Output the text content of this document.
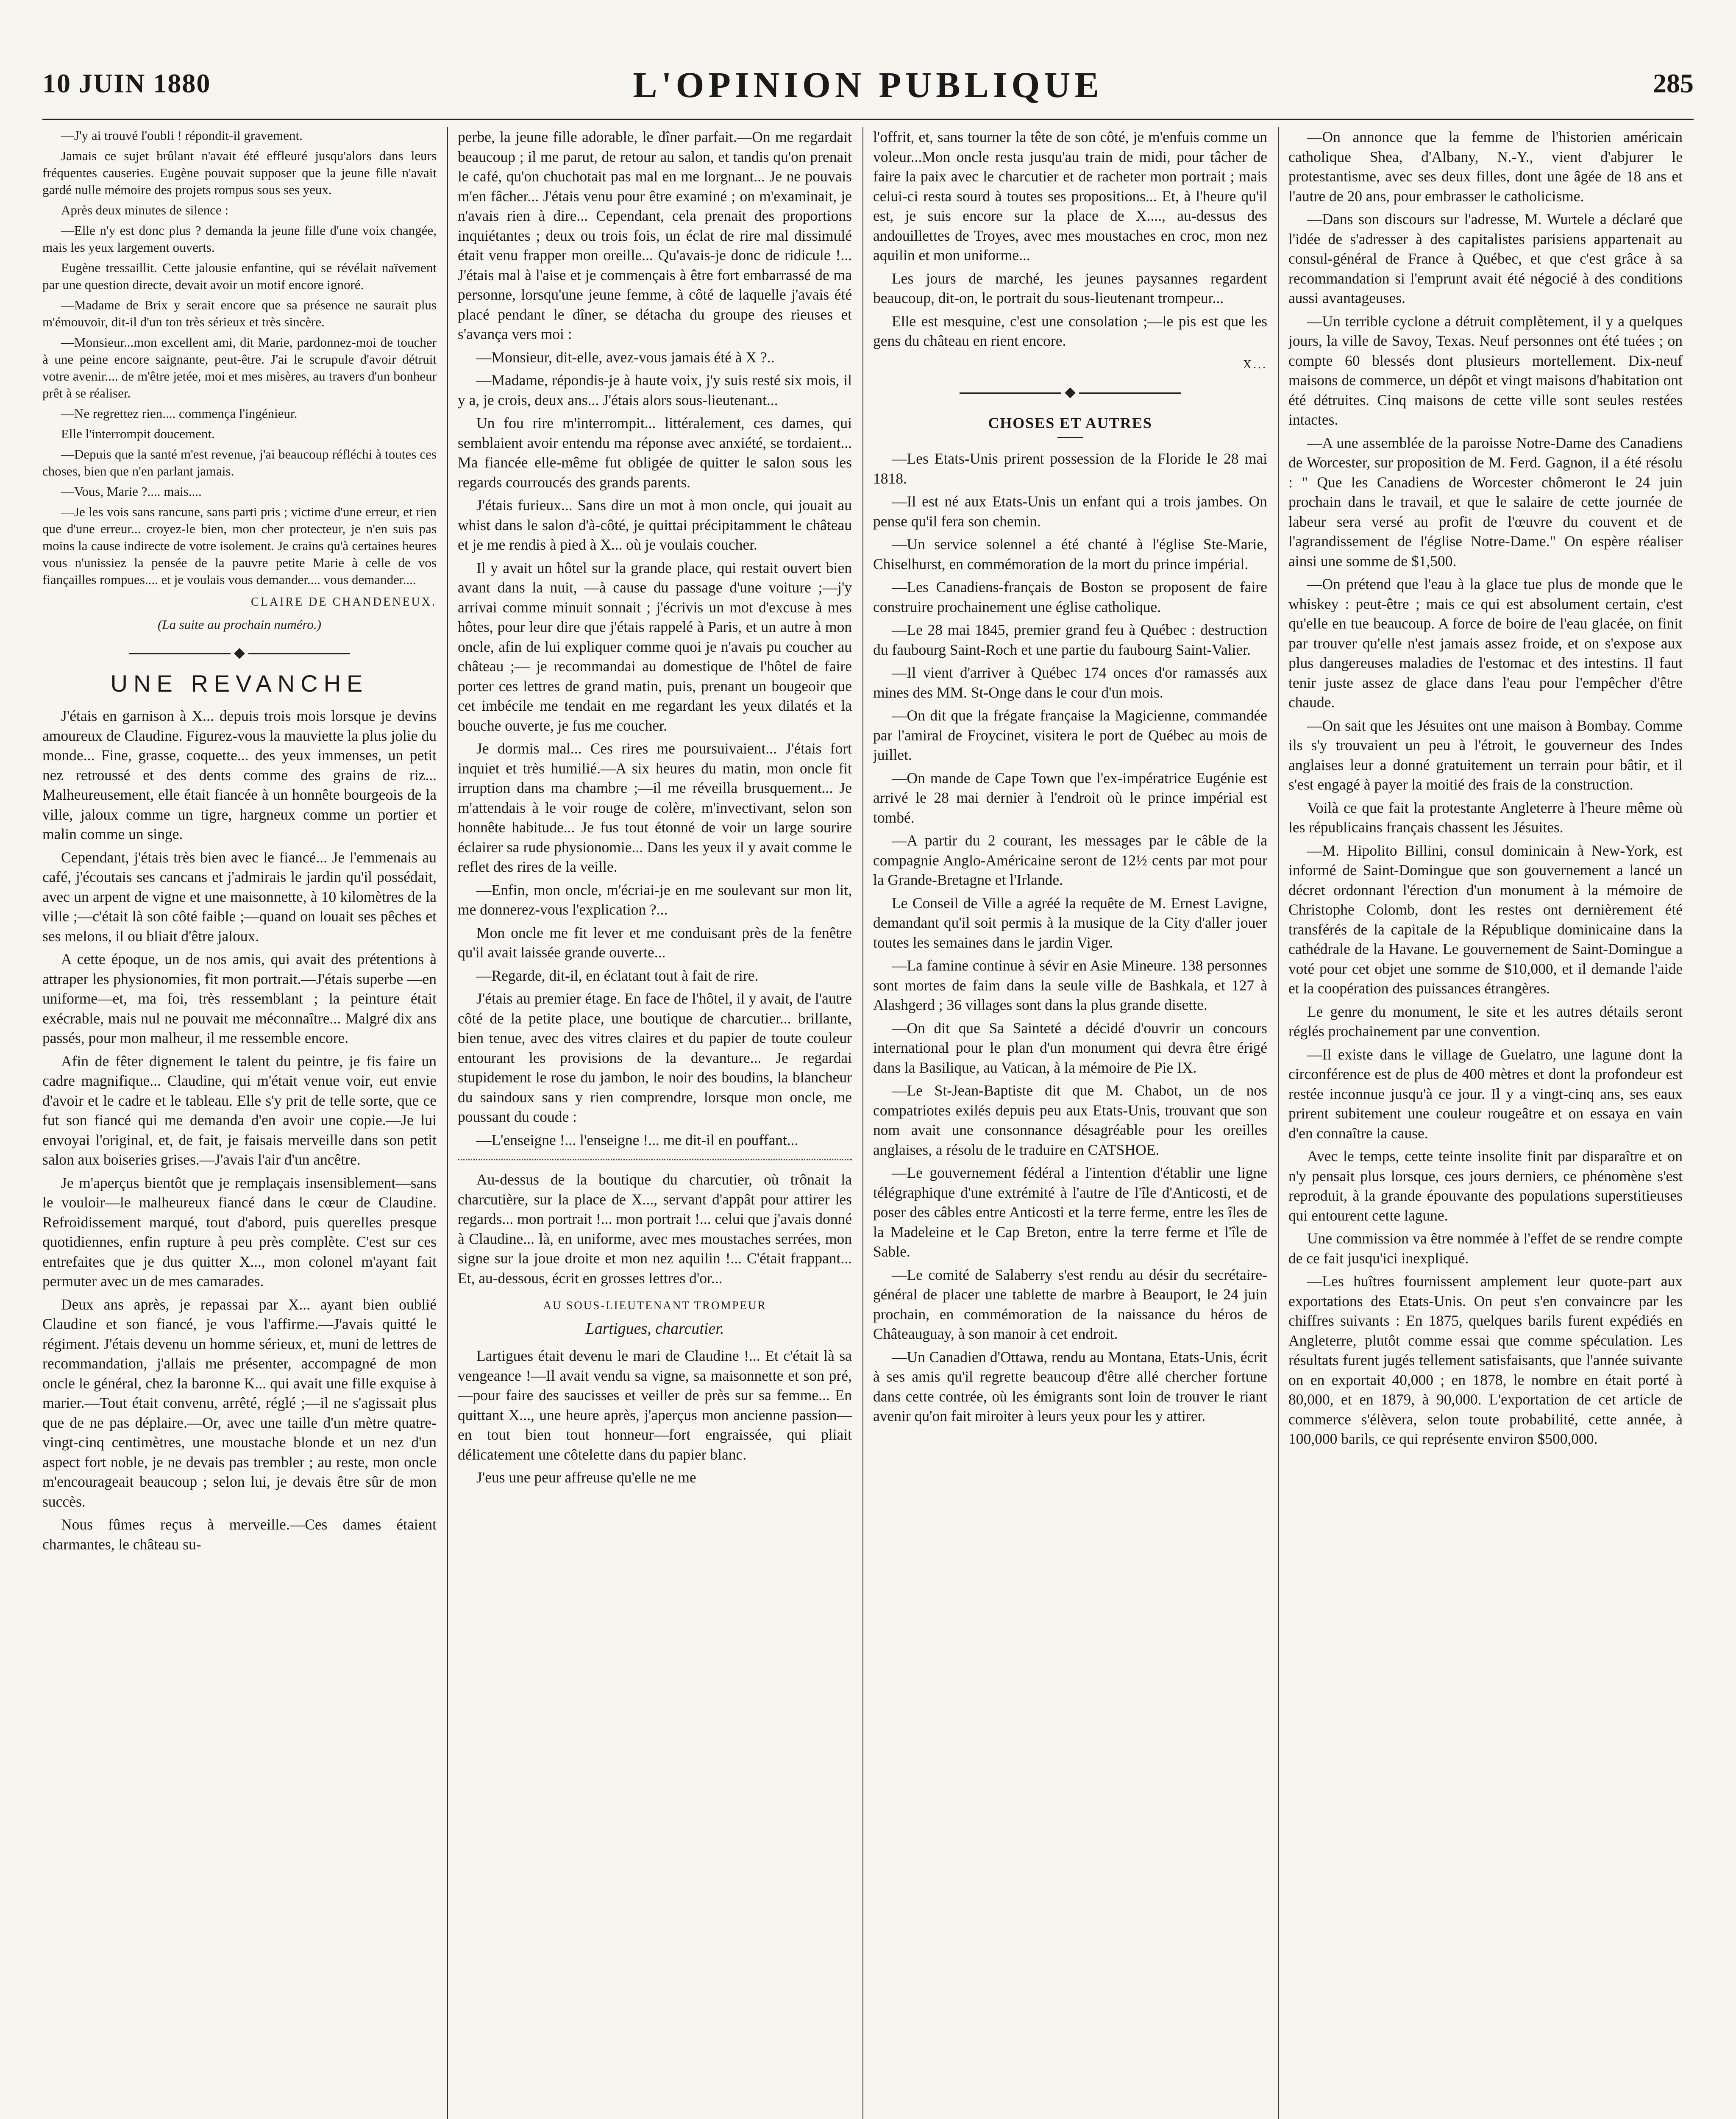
10 JUIN 1880	L'OPINION PUBLIQUE	285

—J'y ai trouvé l'oubli ! répondit-il gravement.

Jamais ce sujet brûlant n'avait été effleuré jusqu'alors dans leurs fréquentes causeries. Eugène pouvait supposer que la jeune fille n'avait gardé nulle mémoire des projets rompus sous ses yeux.

Après deux minutes de silence :

—Elle n'y est donc plus ? demanda la jeune fille d'une voix changée, mais les yeux largement ouverts.

Eugène tressaillit. Cette jalousie enfantine, qui se révélait naïvement par une question directe, devait avoir un motif encore ignoré.

—Madame de Brix y serait encore que sa présence ne saurait plus m'émouvoir, dit-il d'un ton très sérieux et très sincère.

—Monsieur...mon excellent ami, dit Marie, pardonnez-moi de toucher à une peine encore saignante, peut-être. J'ai le scrupule d'avoir détruit votre avenir.... de m'être jetée, moi et mes misères, au travers d'un bonheur prêt à se réaliser.

—Ne regrettez rien.... commença l'ingénieur.

Elle l'interrompit doucement.

—Depuis que la santé m'est revenue, j'ai beaucoup réfléchi à toutes ces choses, bien que n'en parlant jamais.

—Vous, Marie ?.... mais....

—Je les vois sans rancune, sans parti pris ; victime d'une erreur, et rien que d'une erreur... croyez-le bien, mon cher protecteur, je n'en suis pas moins la cause indirecte de votre isolement. Je crains qu'à certaines heures vous n'unissiez la pensée de la pauvre petite Marie à celle de vos fiançailles rompues.... et je voulais vous demander.... vous demander....

CLAIRE DE CHANDENEUX.

(La suite au prochain numéro.)

UNE REVANCHE

J'étais en garnison à X... depuis trois mois lorsque je devins amoureux de Claudine. Figurez-vous la mauviette la plus jolie du monde... Fine, grasse, coquette... des yeux immenses, un petit nez retroussé et des dents comme des grains de riz... Malheureusement, elle était fiancée à un honnête bourgeois de la ville, jaloux comme un tigre, hargneux comme un portier et malin comme un singe.

Cependant, j'étais très bien avec le fiancé... Je l'emmenais au café, j'écoutais ses cancans et j'admirais le jardin qu'il possédait, avec un arpent de vigne et une maisonnette, à 10 kilomètres de la ville ;—c'était là son côté faible ;—quand on louait ses pêches et ses melons, il ou bliait d'être jaloux.

A cette époque, un de nos amis, qui avait des prétentions à attraper les physionomies, fit mon portrait.—J'étais superbe —en uniforme—et, ma foi, très ressemblant ; la peinture était exécrable, mais nul ne pouvait me méconnaître... Malgré dix ans passés, pour mon malheur, il me ressemble encore.

Afin de fêter dignement le talent du peintre, je fis faire un cadre magnifique... Claudine, qui m'était venue voir, eut envie d'avoir et le cadre et le tableau. Elle s'y prit de telle sorte, que ce fut son fiancé qui me demanda d'en avoir une copie.—Je lui envoyai l'original, et, de fait, je faisais merveille dans son petit salon aux boiseries grises.—J'avais l'air d'un ancêtre.

Je m'aperçus bientôt que je remplaçais insensiblement—sans le vouloir—le malheureux fiancé dans le cœur de Claudine. Refroidissement marqué, tout d'abord, puis querelles presque quotidiennes, enfin rupture à peu près complète. C'est sur ces entrefaites que je dus quitter X..., mon colonel m'ayant fait permuter avec un de mes camarades.

Deux ans après, je repassai par X... ayant bien oublié Claudine et son fiancé, je vous l'affirme.—J'avais quitté le régiment. J'étais devenu un homme sérieux, et, muni de lettres de recommandation, j'allais me présenter, accompagné de mon oncle le général, chez la baronne K... qui avait une fille exquise à marier.—Tout était convenu, arrêté, réglé ;—il ne s'agissait plus que de ne pas déplaire.—Or, avec une taille d'un mètre quatre-vingt-cinq centimètres, une moustache blonde et un nez d'un aspect fort noble, je ne devais pas trembler ; au reste, mon oncle m'encourageait beaucoup ; selon lui, je devais être sûr de mon succès.

Nous fûmes reçus à merveille.—Ces dames étaient charmantes, le château su-

perbe, la jeune fille adorable, le dîner parfait.—On me regardait beaucoup ; il me parut, de retour au salon, et tandis qu'on prenait le café, qu'on chuchotait pas mal en me lorgnant... Je ne pouvais m'en fâcher... J'étais venu pour être examiné ; on m'examinait, je n'avais rien à dire... Cependant, cela prenait des proportions inquiétantes ; deux ou trois fois, un éclat de rire mal dissimulé était venu frapper mon oreille... Qu'avais-je donc de ridicule !... J'étais mal à l'aise et je commençais à être fort embarrassé de ma personne, lorsqu'une jeune femme, à côté de laquelle j'avais été placé pendant le dîner, se détacha du groupe des rieuses et s'avança vers moi :

—Monsieur, dit-elle, avez-vous jamais été à X ?..

—Madame, répondis-je à haute voix, j'y suis resté six mois, il y a, je crois, deux ans... J'étais alors sous-lieutenant...

Un fou rire m'interrompit... littéralement, ces dames, qui semblaient avoir entendu ma réponse avec anxiété, se tordaient... Ma fiancée elle-même fut obligée de quitter le salon sous les regards courroucés des grands parents.

J'étais furieux... Sans dire un mot à mon oncle, qui jouait au whist dans le salon d'à-côté, je quittai précipitamment le château et je me rendis à pied à X... où je voulais coucher.

Il y avait un hôtel sur la grande place, qui restait ouvert bien avant dans la nuit, —à cause du passage d'une voiture ;—j'y arrivai comme minuit sonnait ; j'écrivis un mot d'excuse à mes hôtes, pour leur dire que j'étais rappelé à Paris, et un autre à mon oncle, afin de lui expliquer comme quoi je n'avais pu coucher au château ;— je recommandai au domestique de l'hôtel de faire porter ces lettres de grand matin, puis, prenant un bougeoir que cet imbécile me tendait en me regardant les yeux dilatés et la bouche ouverte, je fus me coucher.

Je dormis mal... Ces rires me poursuivaient... J'étais fort inquiet et très humilié.—A six heures du matin, mon oncle fit irruption dans ma chambre ;—il me réveilla brusquement... Je m'attendais à le voir rouge de colère, m'invectivant, selon son honnête habitude... Je fus tout étonné de voir un large sourire éclairer sa rude physionomie... Dans les yeux il y avait comme le reflet des rires de la veille.

—Enfin, mon oncle, m'écriai-je en me soulevant sur mon lit, me donnerez-vous l'explication ?...

Mon oncle me fit lever et me conduisant près de la fenêtre qu'il avait laissée grande ouverte...

—Regarde, dit-il, en éclatant tout à fait de rire.

J'étais au premier étage. En face de l'hôtel, il y avait, de l'autre côté de la petite place, une boutique de charcutier... brillante, bien tenue, avec des vitres claires et du papier de toute couleur entourant les provisions de la devanture... Je regardai stupidement le rose du jambon, le noir des boudins, la blancheur du saindoux sans y rien comprendre, lorsque mon oncle, me poussant du coude :

—L'enseigne !... l'enseigne !... me dit-il en pouffant...

Au-dessus de la boutique du charcutier, où trônait la charcutière, sur la place de X..., servant d'appât pour attirer les regards... mon portrait !... mon portrait !... celui que j'avais donné à Claudine... là, en uniforme, avec mes moustaches serrées, mon signe sur la joue droite et mon nez aquilin !... C'était frappant... Et, au-dessous, écrit en grosses lettres d'or...

AU SOUS-LIEUTENANT TROMPEUR
Lartigues, charcutier.

Lartigues était devenu le mari de Claudine !... Et c'était là sa vengeance !—Il avait vendu sa vigne, sa maisonnette et son pré,—pour faire des saucisses et veiller de près sur sa femme... En quittant X..., une heure après, j'aperçus mon ancienne passion—en tout bien tout honneur—fort engraissée, qui pliait délicatement une côtelette dans du papier blanc.

J'eus une peur affreuse qu'elle ne me

l'offrit, et, sans tourner la tête de son côté, je m'enfuis comme un voleur...Mon oncle resta jusqu'au train de midi, pour tâcher de faire la paix avec le charcutier et de racheter mon portrait ; mais celui-ci resta sourd à toutes ses propositions... Et, à l'heure qu'il est, je suis encore sur la place de X...., au-dessus des andouillettes de Troyes, avec mes moustaches en croc, mon nez aquilin et mon uniforme...

Les jours de marché, les jeunes paysannes regardent beaucoup, dit-on, le portrait du sous-lieutenant trompeur...

Elle est mesquine, c'est une consolation ;—le pis est que les gens du château en rient encore.

X...

CHOSES ET AUTRES

—Les Etats-Unis prirent possession de la Floride le 28 mai 1818.

—Il est né aux Etats-Unis un enfant qui a trois jambes. On pense qu'il fera son chemin.

—Un service solennel a été chanté à l'église Ste-Marie, Chiselhurst, en commémoration de la mort du prince impérial.

—Les Canadiens-français de Boston se proposent de faire construire prochainement une église catholique.

—Le 28 mai 1845, premier grand feu à Québec : destruction du faubourg Saint-Roch et une partie du faubourg Saint-Valier.

—Il vient d'arriver à Québec 174 onces d'or ramassés aux mines des MM. St-Onge dans le cour d'un mois.

—On dit que la frégate française la Magicienne, commandée par l'amiral de Froycinet, visitera le port de Québec au mois de juillet.

—On mande de Cape Town que l'ex-impératrice Eugénie est arrivé le 28 mai dernier à l'endroit où le prince impérial est tombé.

—A partir du 2 courant, les messages par le câble de la compagnie Anglo-Américaine seront de 12½ cents par mot pour la Grande-Bretagne et l'Irlande.

Le Conseil de Ville a agréé la requête de M. Ernest Lavigne, demandant qu'il soit permis à la musique de la City d'aller jouer toutes les semaines dans le jardin Viger.

—La famine continue à sévir en Asie Mineure. 138 personnes sont mortes de faim dans la seule ville de Bashkala, et 127 à Alashgerd ; 36 villages sont dans la plus grande disette.

—On dit que Sa Sainteté a décidé d'ouvrir un concours international pour le plan d'un monument qui devra être érigé dans la Basilique, au Vatican, à la mémoire de Pie IX.

—Le St-Jean-Baptiste dit que M. Chabot, un de nos compatriotes exilés depuis peu aux Etats-Unis, trouvant que son nom avait une consonnance désagréable pour les oreilles anglaises, a résolu de le traduire en CATSHOE.

—Le gouvernement fédéral a l'intention d'établir une ligne télégraphique d'une extrémité à l'autre de l'île d'Anticosti, et de poser des câbles entre Anticosti et la terre ferme, entre les îles de la Madeleine et le Cap Breton, entre la terre ferme et l'île de Sable.

—Le comité de Salaberry s'est rendu au désir du secrétaire-général de placer une tablette de marbre à Beauport, le 24 juin prochain, en commémoration de la naissance du héros de Châteauguay, à son manoir à cet endroit.

—Un Canadien d'Ottawa, rendu au Montana, Etats-Unis, écrit à ses amis qu'il regrette beaucoup d'être allé chercher fortune dans cette contrée, où les émigrants sont loin de trouver le riant avenir qu'on fait miroiter à leurs yeux pour les y attirer.

—On annonce que la femme de l'historien américain catholique Shea, d'Albany, N.-Y., vient d'abjurer le protestantisme, avec ses deux filles, dont une âgée de 18 ans et l'autre de 20 ans, pour embrasser le catholicisme.

—Dans son discours sur l'adresse, M. Wurtele a déclaré que l'idée de s'adresser à des capitalistes parisiens appartenait au consul-général de France à Québec, et que c'est grâce à sa recommandation si l'emprunt avait été négocié à des conditions aussi avantageuses.

—Un terrible cyclone a détruit complètement, il y a quelques jours, la ville de Savoy, Texas. Neuf personnes ont été tuées ; on compte 60 blessés dont plusieurs mortellement. Dix-neuf maisons de commerce, un dépôt et vingt maisons d'habitation ont été détruites. Cinq maisons de cette ville sont seules restées intactes.

—A une assemblée de la paroisse Notre-Dame des Canadiens de Worcester, sur proposition de M. Ferd. Gagnon, il a été résolu : " Que les Canadiens de Worcester chômeront le 24 juin prochain dans le travail, et que le salaire de cette journée de labeur sera versé au profit de l'œuvre du couvent et de l'agrandissement de l'église Notre-Dame." On espère réaliser ainsi une somme de $1,500.

—On prétend que l'eau à la glace tue plus de monde que le whiskey : peut-être ; mais ce qui est absolument certain, c'est qu'elle en tue beaucoup. A force de boire de l'eau glacée, on finit par trouver qu'elle n'est jamais assez froide, et on s'expose aux plus dangereuses maladies de l'estomac et des intestins. Il faut tenir juste assez de glace dans l'eau pour l'empêcher d'être chaude.

—On sait que les Jésuites ont une maison à Bombay. Comme ils s'y trouvaient un peu à l'étroit, le gouverneur des Indes anglaises leur a donné gratuitement un terrain pour bâtir, et il s'est engagé à payer la moitié des frais de la construction.

Voilà ce que fait la protestante Angleterre à l'heure même où les républicains français chassent les Jésuites.

—M. Hipolito Billini, consul dominicain à New-York, est informé de Saint-Domingue que son gouvernement a lancé un décret ordonnant l'érection d'un monument à la mémoire de Christophe Colomb, dont les restes ont dernièrement été transférés de la capitale de la République dominicaine dans la cathédrale de la Havane. Le gouvernement de Saint-Domingue a voté pour cet objet une somme de $10,000, et il demande l'aide et la coopération des puissances étrangères.

Le genre du monument, le site et les autres détails seront réglés prochainement par une convention.

—Il existe dans le village de Guelatro, une lagune dont la circonférence est de plus de 400 mètres et dont la profondeur est restée inconnue jusqu'à ce jour. Il y a vingt-cinq ans, ses eaux prirent subitement une couleur rougeâtre et on essaya en vain d'en connaître la cause.

Avec le temps, cette teinte insolite finit par disparaître et on n'y pensait plus lorsque, ces jours derniers, ce phénomène s'est reproduit, à la grande épouvante des populations superstitieuses qui entourent cette lagune.

Une commission va être nommée à l'effet de se rendre compte de ce fait jusqu'ici inexpliqué.

—Les huîtres fournissent amplement leur quote-part aux exportations des Etats-Unis. On peut s'en convaincre par les chiffres suivants : En 1875, quelques barils furent expédiés en Angleterre, plutôt comme essai que comme spéculation. Les résultats furent jugés tellement satisfaisants, que l'année suivante on en exportait 40,000 ; en 1878, le nombre en était porté à 80,000, et en 1879, à 90,000. L'exportation de cet article de commerce s'élèvera, selon toute probabilité, cette année, à 100,000 barils, ce qui représente environ $500,000.
